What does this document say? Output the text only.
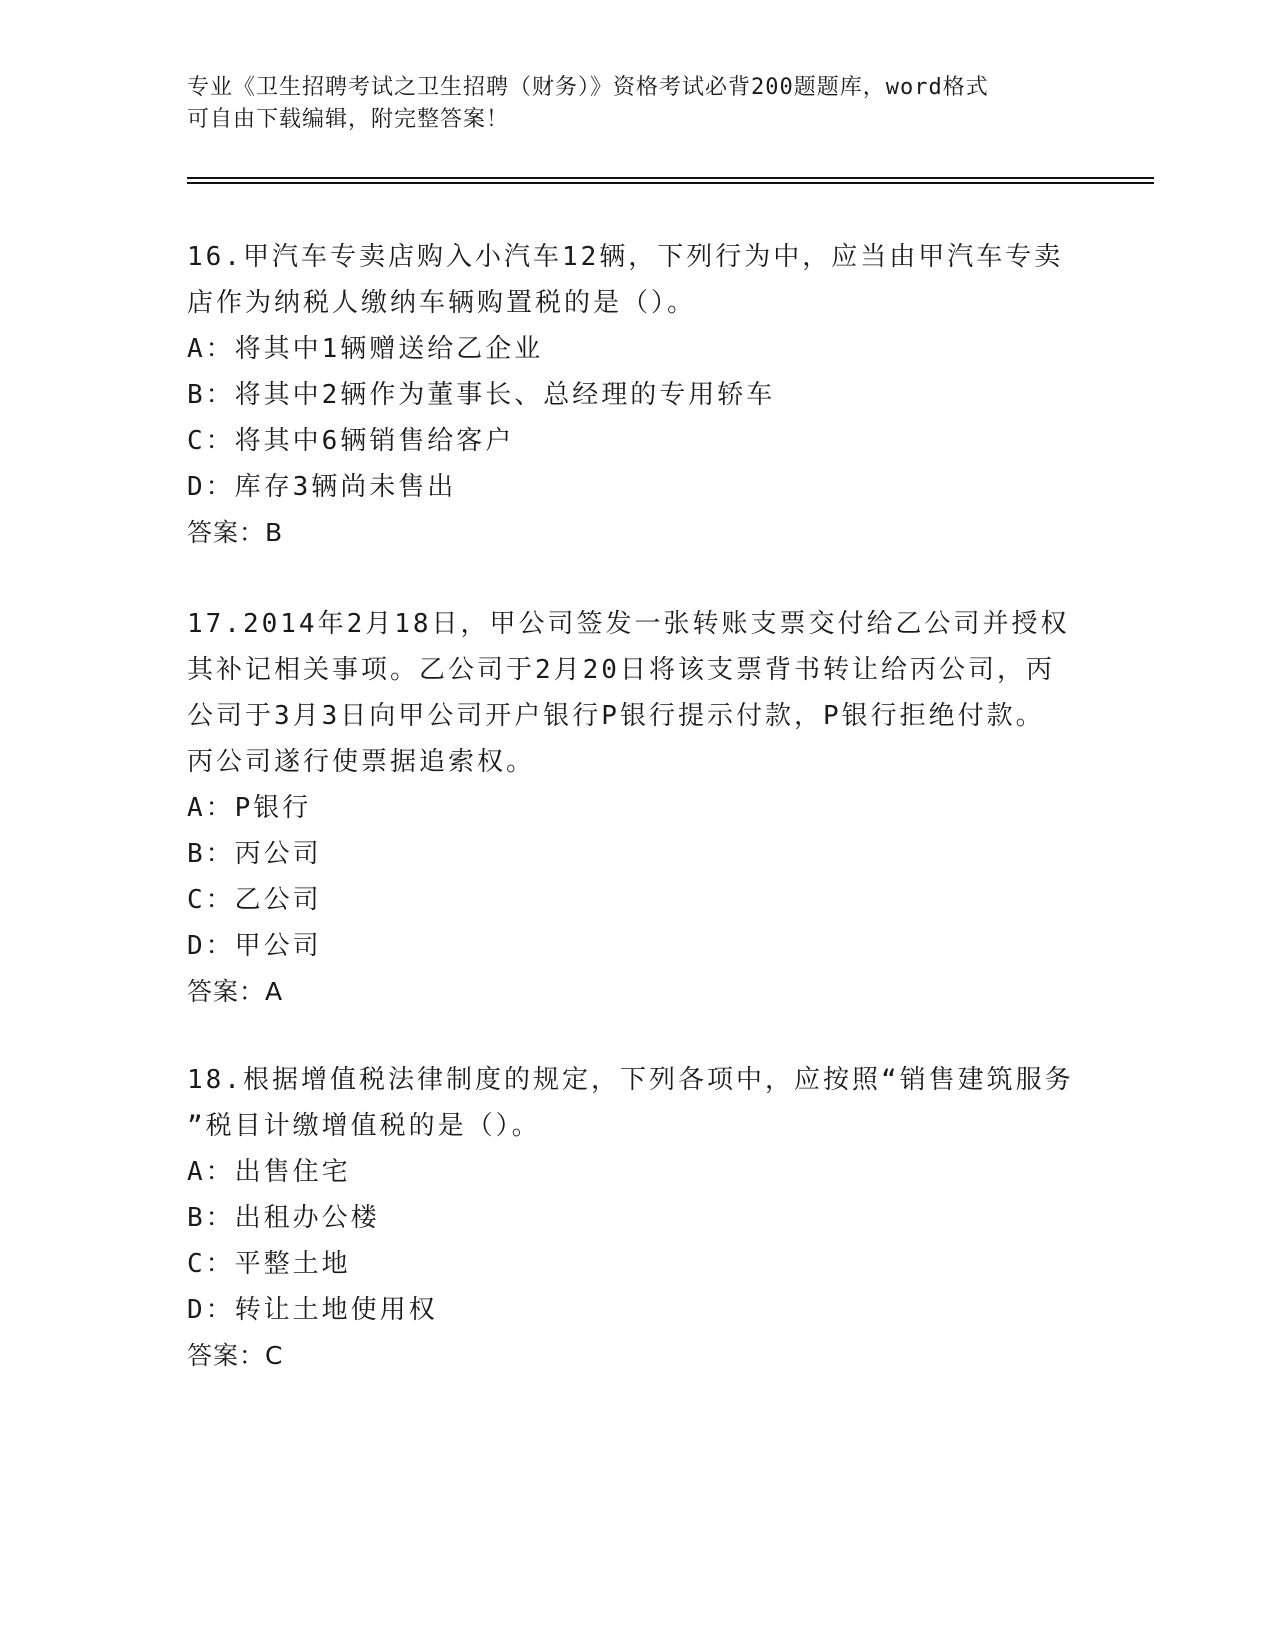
专业《卫生招聘考试之卫生招聘（财务）》资格考试必背200题题库，word格式
可自由下载编辑，附完整答案！
16.甲汽车专卖店购入小汽车12辆，下列行为中，应当由甲汽车专卖
店作为纳税人缴纳车辆购置税的是（）。
A：将其中1辆赠送给乙企业
B：将其中2辆作为董事长、总经理的专用轿车
C：将其中6辆销售给客户
D：库存3辆尚未售出
答案：B
17.2014年2月18日，甲公司签发一张转账支票交付给乙公司并授权
其补记相关事项。乙公司于2月20日将该支票背书转让给丙公司，丙
公司于3月3日向甲公司开户银行P银行提示付款，P银行拒绝付款。
丙公司遂行使票据追索权。
A：P银行
B：丙公司
C：乙公司
D：甲公司
答案：A
18.根据增值税法律制度的规定，下列各项中，应按照“销售建筑服务
”税目计缴增值税的是（）。
A：出售住宅
B：出租办公楼
C：平整土地
D：转让土地使用权
答案：C
